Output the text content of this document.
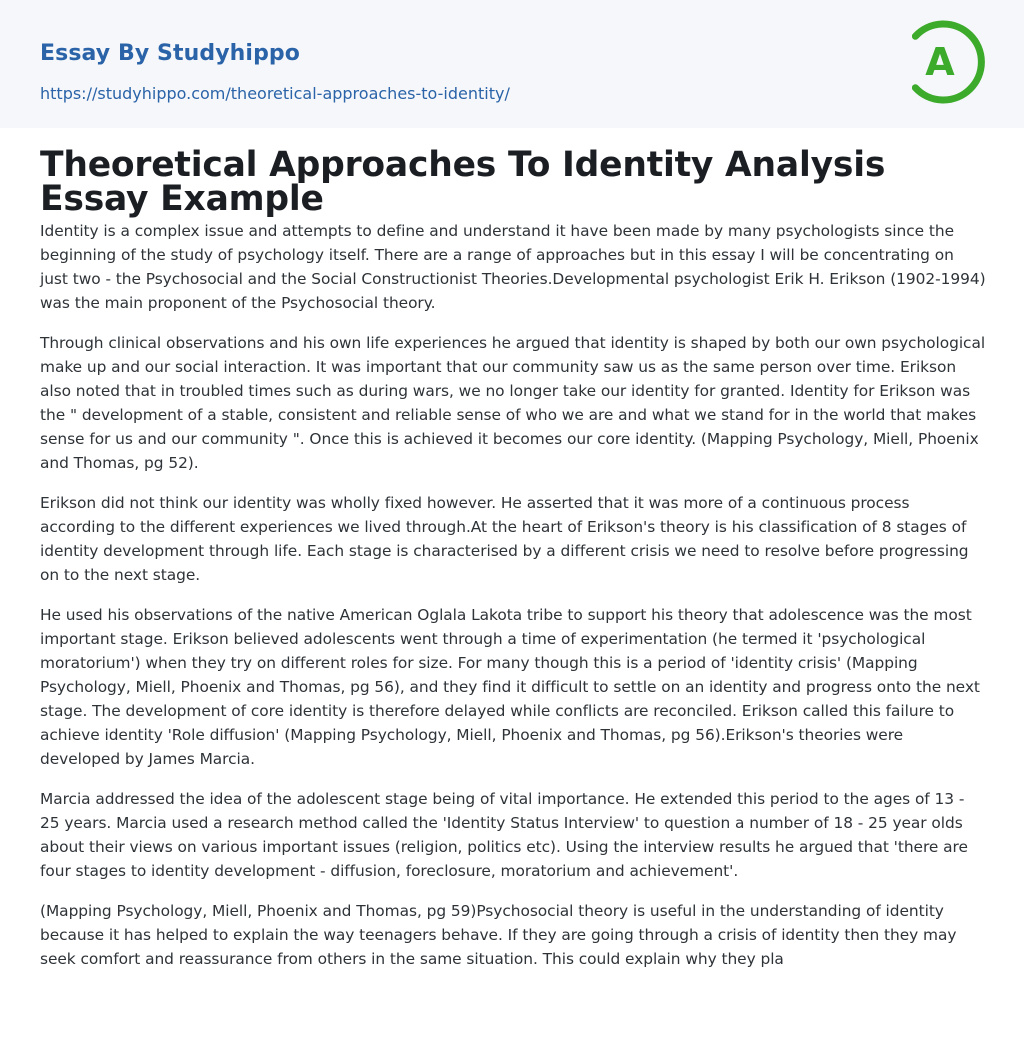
Essay By Studyhippo
https://studyhippo.com/theoretical-approaches-to-identity/
A
Theoretical Approaches To Identity Analysis Essay Example

Identity is a complex issue and attempts to define and understand it have been made by many psychologists since the beginning of the study of psychology itself. There are a range of approaches but in this essay I will be concentrating on just two - the Psychosocial and the Social Constructionist Theories.Developmental psychologist Erik H. Erikson (1902-1994) was the main proponent of the Psychosocial theory.

Through clinical observations and his own life experiences he argued that identity is shaped by both our own psychological make up and our social interaction. It was important that our community saw us as the same person over time. Erikson also noted that in troubled times such as during wars, we no longer take our identity for granted. Identity for Erikson was the " development of a stable, consistent and reliable sense of who we are and what we stand for in the world that makes sense for us and our community ". Once this is achieved it becomes our core identity. (Mapping Psychology, Miell, Phoenix and Thomas, pg 52).

Erikson did not think our identity was wholly fixed however. He asserted that it was more of a continuous process according to the different experiences we lived through.At the heart of Erikson's theory is his classification of 8 stages of identity development through life. Each stage is characterised by a different crisis we need to resolve before progressing on to the next stage.

He used his observations of the native American Oglala Lakota tribe to support his theory that adolescence was the most important stage. Erikson believed adolescents went through a time of experimentation (he termed it 'psychological moratorium') when they try on different roles for size. For many though this is a period of 'identity crisis' (Mapping Psychology, Miell, Phoenix and Thomas, pg 56), and they find it difficult to settle on an identity and progress onto the next stage. The development of core identity is therefore delayed while conflicts are reconciled. Erikson called this failure to achieve identity 'Role diffusion' (Mapping Psychology, Miell, Phoenix and Thomas, pg 56).Erikson's theories were developed by James Marcia.

Marcia addressed the idea of the adolescent stage being of vital importance. He extended this period to the ages of 13 - 25 years. Marcia used a research method called the 'Identity Status Interview' to question a number of 18 - 25 year olds about their views on various important issues (religion, politics etc). Using the interview results he argued that 'there are four stages to identity development - diffusion, foreclosure, moratorium and achievement'.

(Mapping Psychology, Miell, Phoenix and Thomas, pg 59)Psychosocial theory is useful in the understanding of identity because it has helped to explain the way teenagers behave. If they are going through a crisis of identity then they may seek comfort and reassurance from others in the same situation. This could explain why they pla
